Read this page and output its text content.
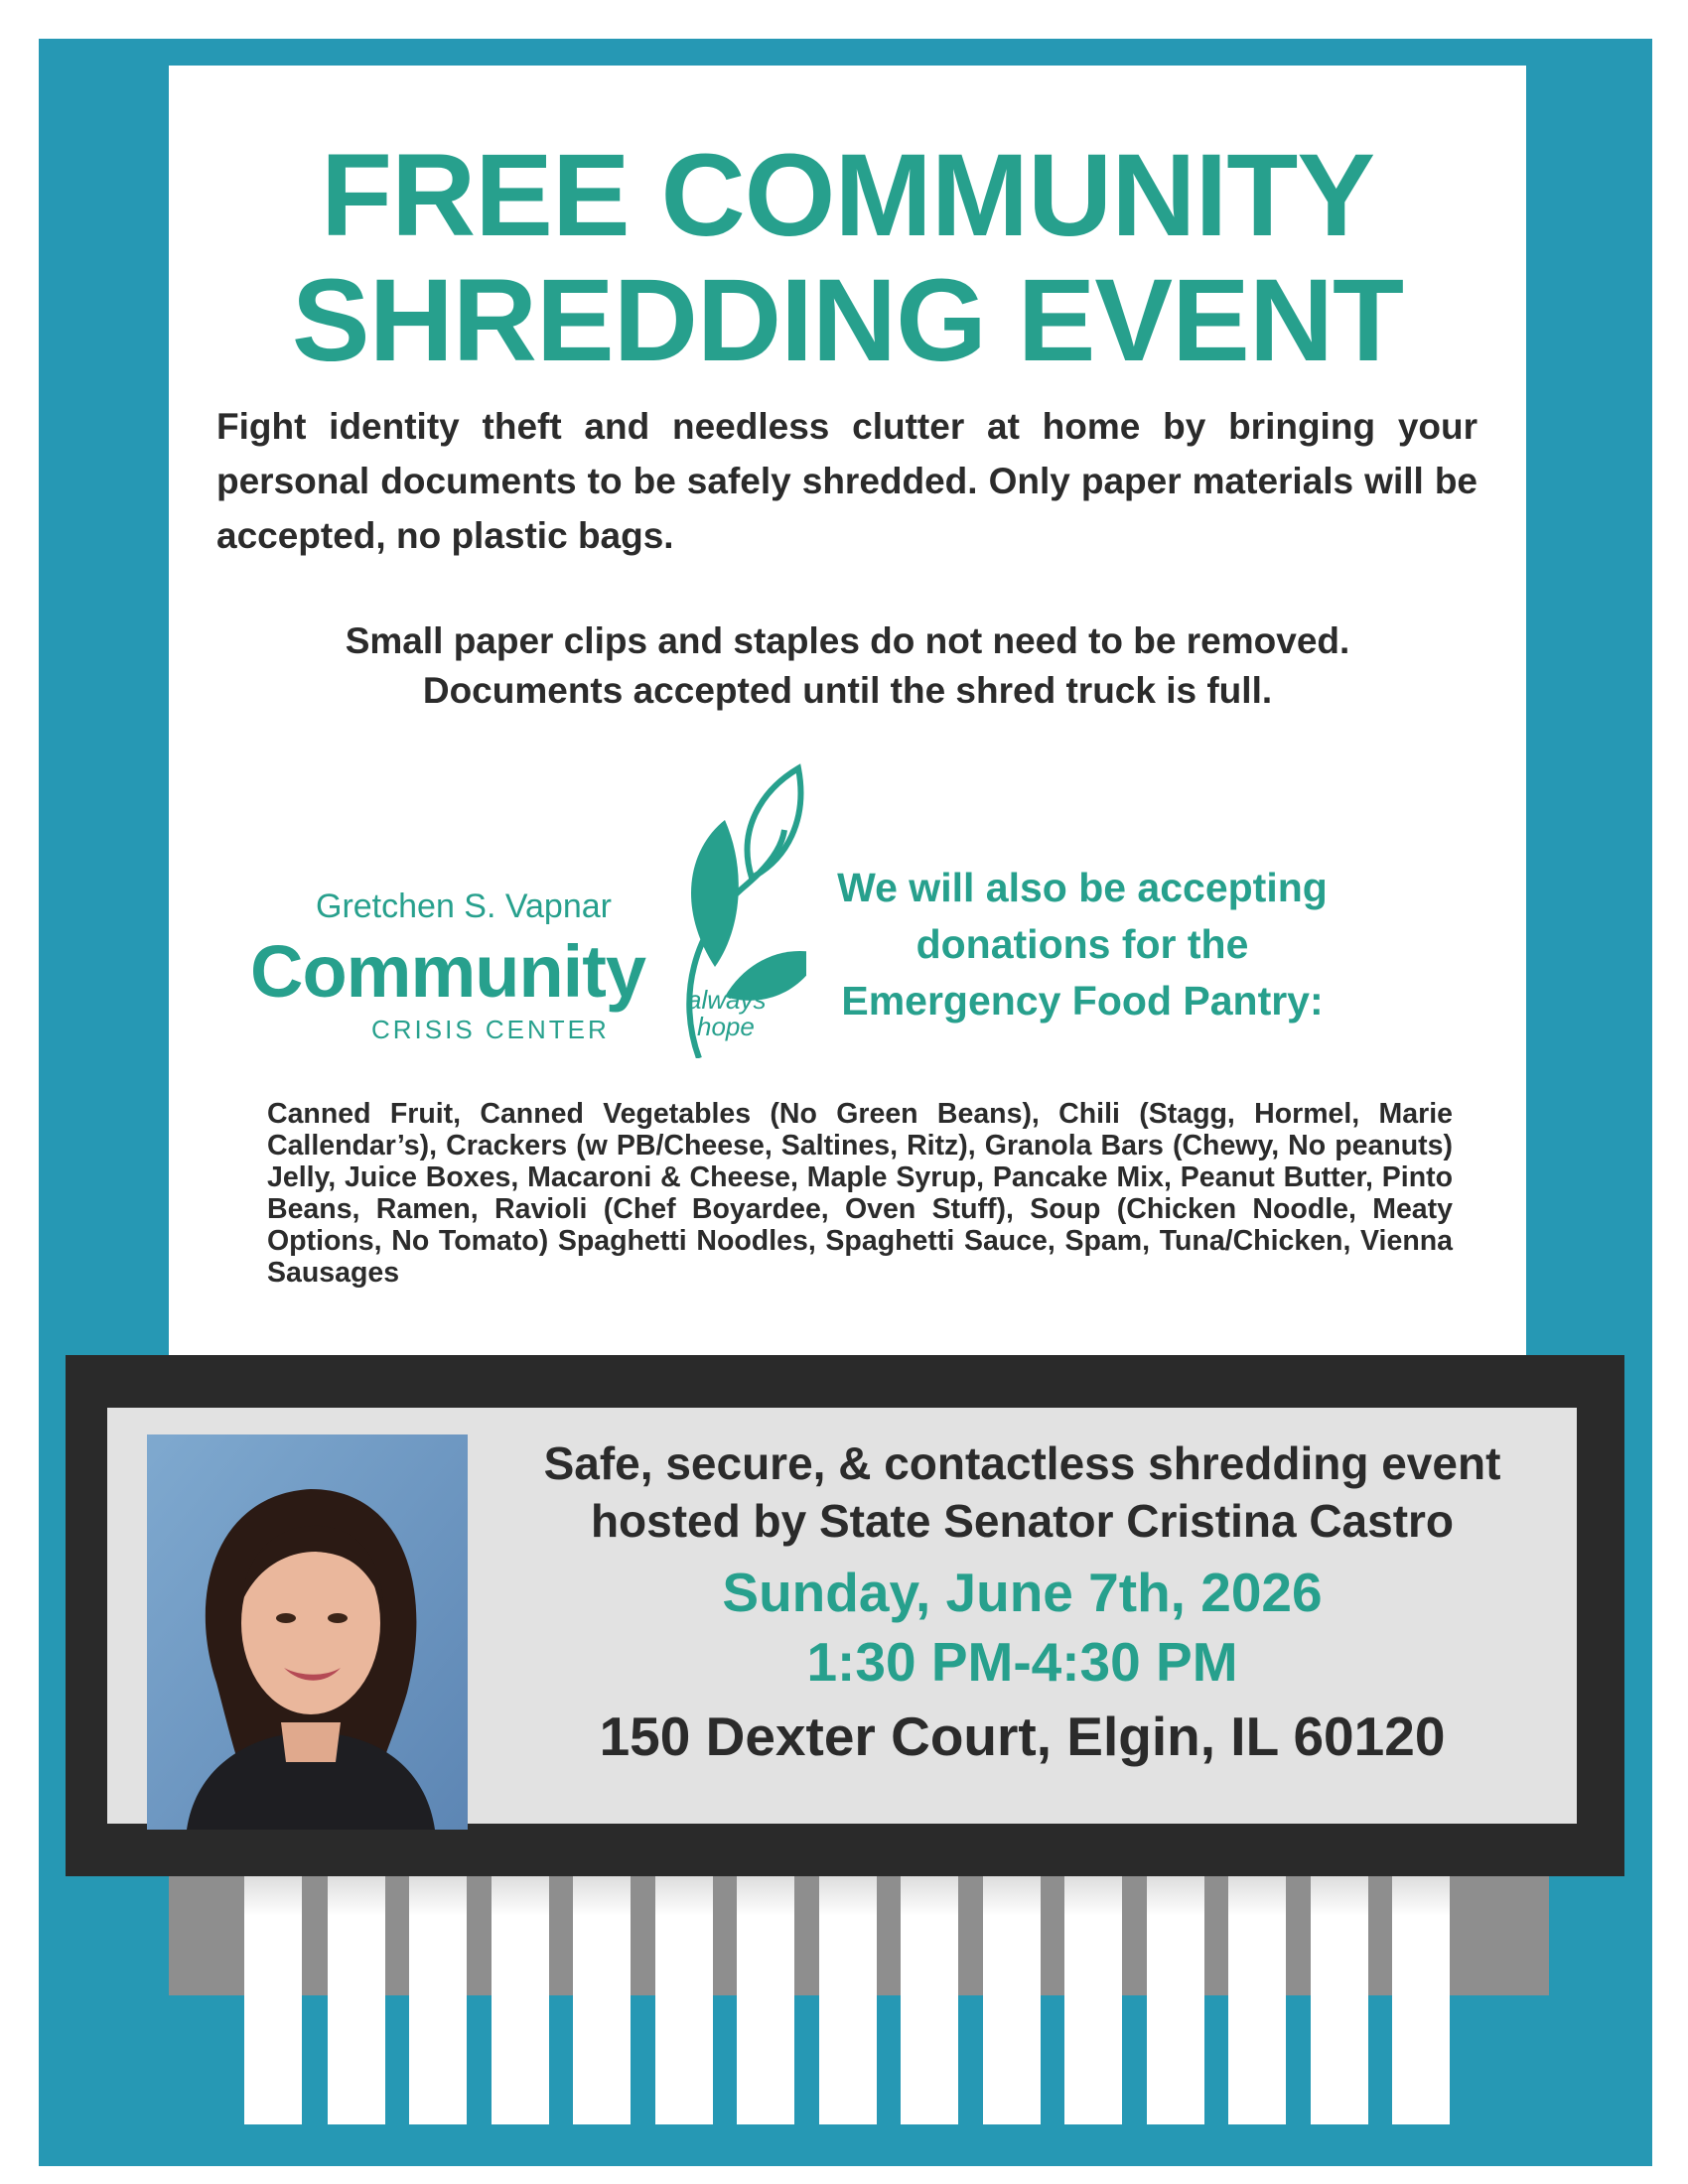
FREE COMMUNITY
SHREDDING EVENT

Fight identity theft and needless clutter at home by bringing your personal documents to be safely shredded. Only paper materials will be accepted, no plastic bags.

Small paper clips and staples do not need to be removed.
Documents accepted until the shred truck is full.
Gretchen S. Vapnar
Community
CRISIS CENTER
always
hope
We will also be accepting
donations for the
Emergency Food Pantry:

Canned Fruit, Canned Vegetables (No Green Beans), Chili (Stagg, Hormel, Marie Callendar’s), Crackers (w PB/Cheese, Saltines, Ritz), Granola Bars (Chewy, No peanuts) Jelly, Juice Boxes, Macaroni & Cheese, Maple Syrup, Pancake Mix, Peanut Butter, Pinto Beans, Ramen, Ravioli (Chef Boyardee, Oven Stuff), Soup (Chicken Noodle, Meaty Options, No Tomato) Spaghetti Noodles, Spaghetti Sauce, Spam, Tuna/Chicken, Vienna Sausages

Safe, secure, & contactless shredding event
hosted by State Senator Cristina Castro
Sunday, June 7th, 2026
1:30 PM-4:30 PM
150 Dexter Court, Elgin, IL 60120
